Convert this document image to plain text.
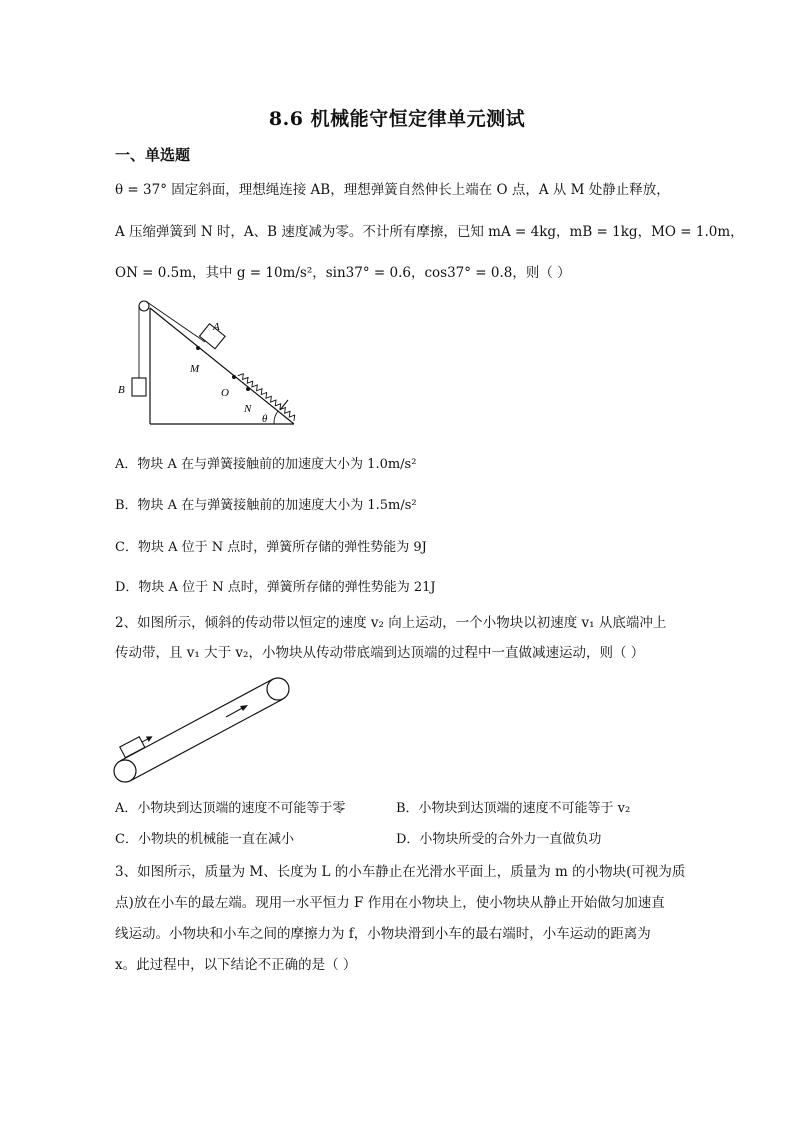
8.6 机械能守恒定律单元测试
一、单选题
θ = 37° 固定斜面，理想绳连接 AB，理想弹簧自然伸长上端在 O 点，A 从 M 处静止释放，
A 压缩弹簧到 N 时，A、B 速度减为零。不计所有摩擦，已知 mA = 4kg，mB = 1kg，MO = 1.0m，
ON = 0.5m，其中 g = 10m/s²，sin37° = 0.6，cos37° = 0.8，则（ ）
B
A
M
O
N
θ
A．物块 A 在与弹簧接触前的加速度大小为 1.0m/s²
B．物块 A 在与弹簧接触前的加速度大小为 1.5m/s²
C．物块 A 位于 N 点时，弹簧所存储的弹性势能为 9J
D．物块 A 位于 N 点时，弹簧所存储的弹性势能为 21J
2、如图所示，倾斜的传动带以恒定的速度 v₂ 向上运动，一个小物块以初速度 v₁ 从底端冲上
传动带，且 v₁ 大于 v₂，小物块从传动带底端到达顶端的过程中一直做减速运动，则（ ）
A．小物块到达顶端的速度不可能等于零	B．小物块到达顶端的速度不可能等于 v₂
C．小物块的机械能一直在减小	D．小物块所受的合外力一直做负功
3、如图所示，质量为 M、长度为 L 的小车静止在光滑水平面上，质量为 m 的小物块(可视为质
点)放在小车的最左端。现用一水平恒力 F 作用在小物块上，使小物块从静止开始做匀加速直
线运动。小物块和小车之间的摩擦力为 f，小物块滑到小车的最右端时，小车运动的距离为
x。此过程中，以下结论不正确的是（ ）
